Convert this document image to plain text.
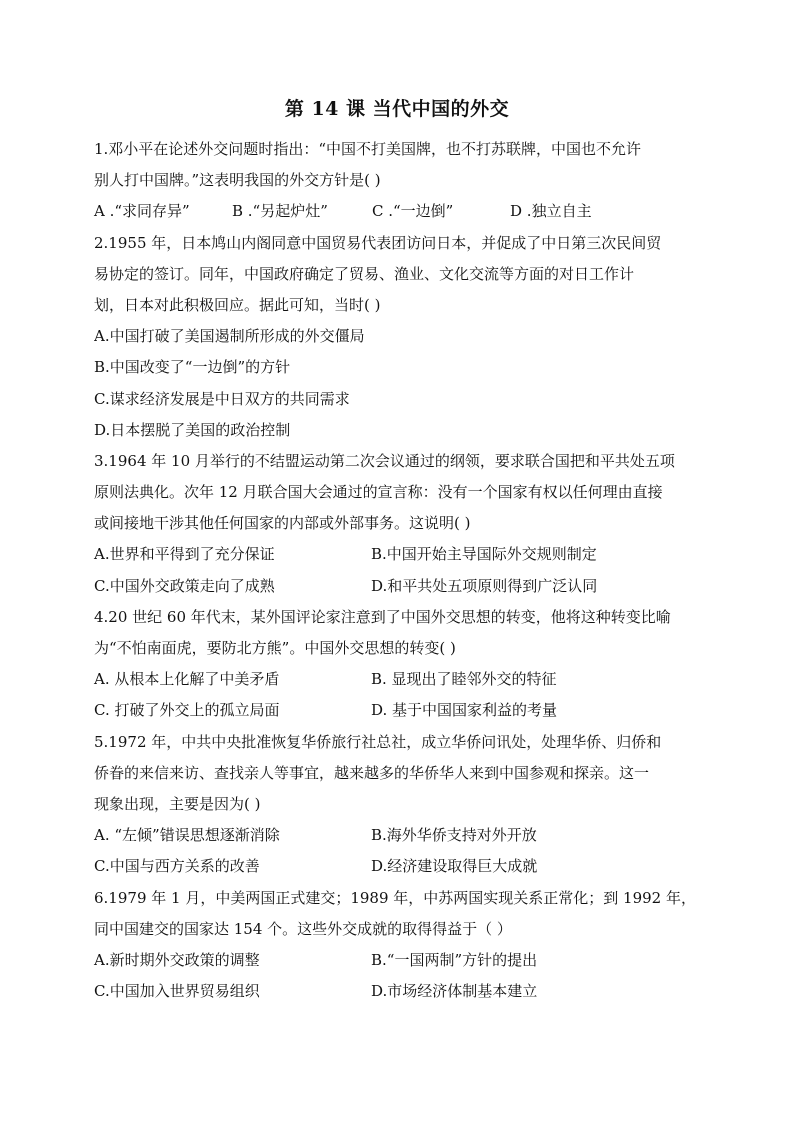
第 14 课 当代中国的外交
1.邓小平在论述外交问题时指出：“中国不打美国牌，也不打苏联牌，中国也不允许
别人打中国牌。”这表明我国的外交方针是( )
A .“求同存异”	B .“另起炉灶”	C .“一边倒”	D .独立自主
2.1955 年，日本鸠山内阁同意中国贸易代表团访问日本，并促成了中日第三次民间贸
易协定的签订。同年，中国政府确定了贸易、渔业、文化交流等方面的对日工作计
划，日本对此积极回应。据此可知，当时( )
A.中国打破了美国遏制所形成的外交僵局
B.中国改变了“一边倒”的方针
C.谋求经济发展是中日双方的共同需求
D.日本摆脱了美国的政治控制
3.1964 年 10 月举行的不结盟运动第二次会议通过的纲领，要求联合国把和平共处五项
原则法典化。次年 12 月联合国大会通过的宣言称：没有一个国家有权以任何理由直接
或间接地干涉其他任何国家的内部或外部事务。这说明( )
A.世界和平得到了充分保证	B.中国开始主导国际外交规则制定
C.中国外交政策走向了成熟	D.和平共处五项原则得到广泛认同
4.20 世纪 60 年代末，某外国评论家注意到了中国外交思想的转变，他将这种转变比喻
为“不怕南面虎，要防北方熊”。中国外交思想的转变( )
A. 从根本上化解了中美矛盾	B. 显现出了睦邻外交的特征
C. 打破了外交上的孤立局面	D. 基于中国国家利益的考量
5.1972 年，中共中央批准恢复华侨旅行社总社，成立华侨问讯处，处理华侨、归侨和
侨眷的来信来访、查找亲人等事宜，越来越多的华侨华人来到中国参观和探亲。这一
现象出现，主要是因为( )
A. “左倾”错误思想逐渐消除	B.海外华侨支持对外开放
C.中国与西方关系的改善	D.经济建设取得巨大成就
6.1979 年 1 月，中美两国正式建交；1989 年，中苏两国实现关系正常化；到 1992 年，
同中国建交的国家达 154 个。这些外交成就的取得得益于（ ）
A.新时期外交政策的调整	B.“一国两制”方针的提出
C.中国加入世界贸易组织	D.市场经济体制基本建立
